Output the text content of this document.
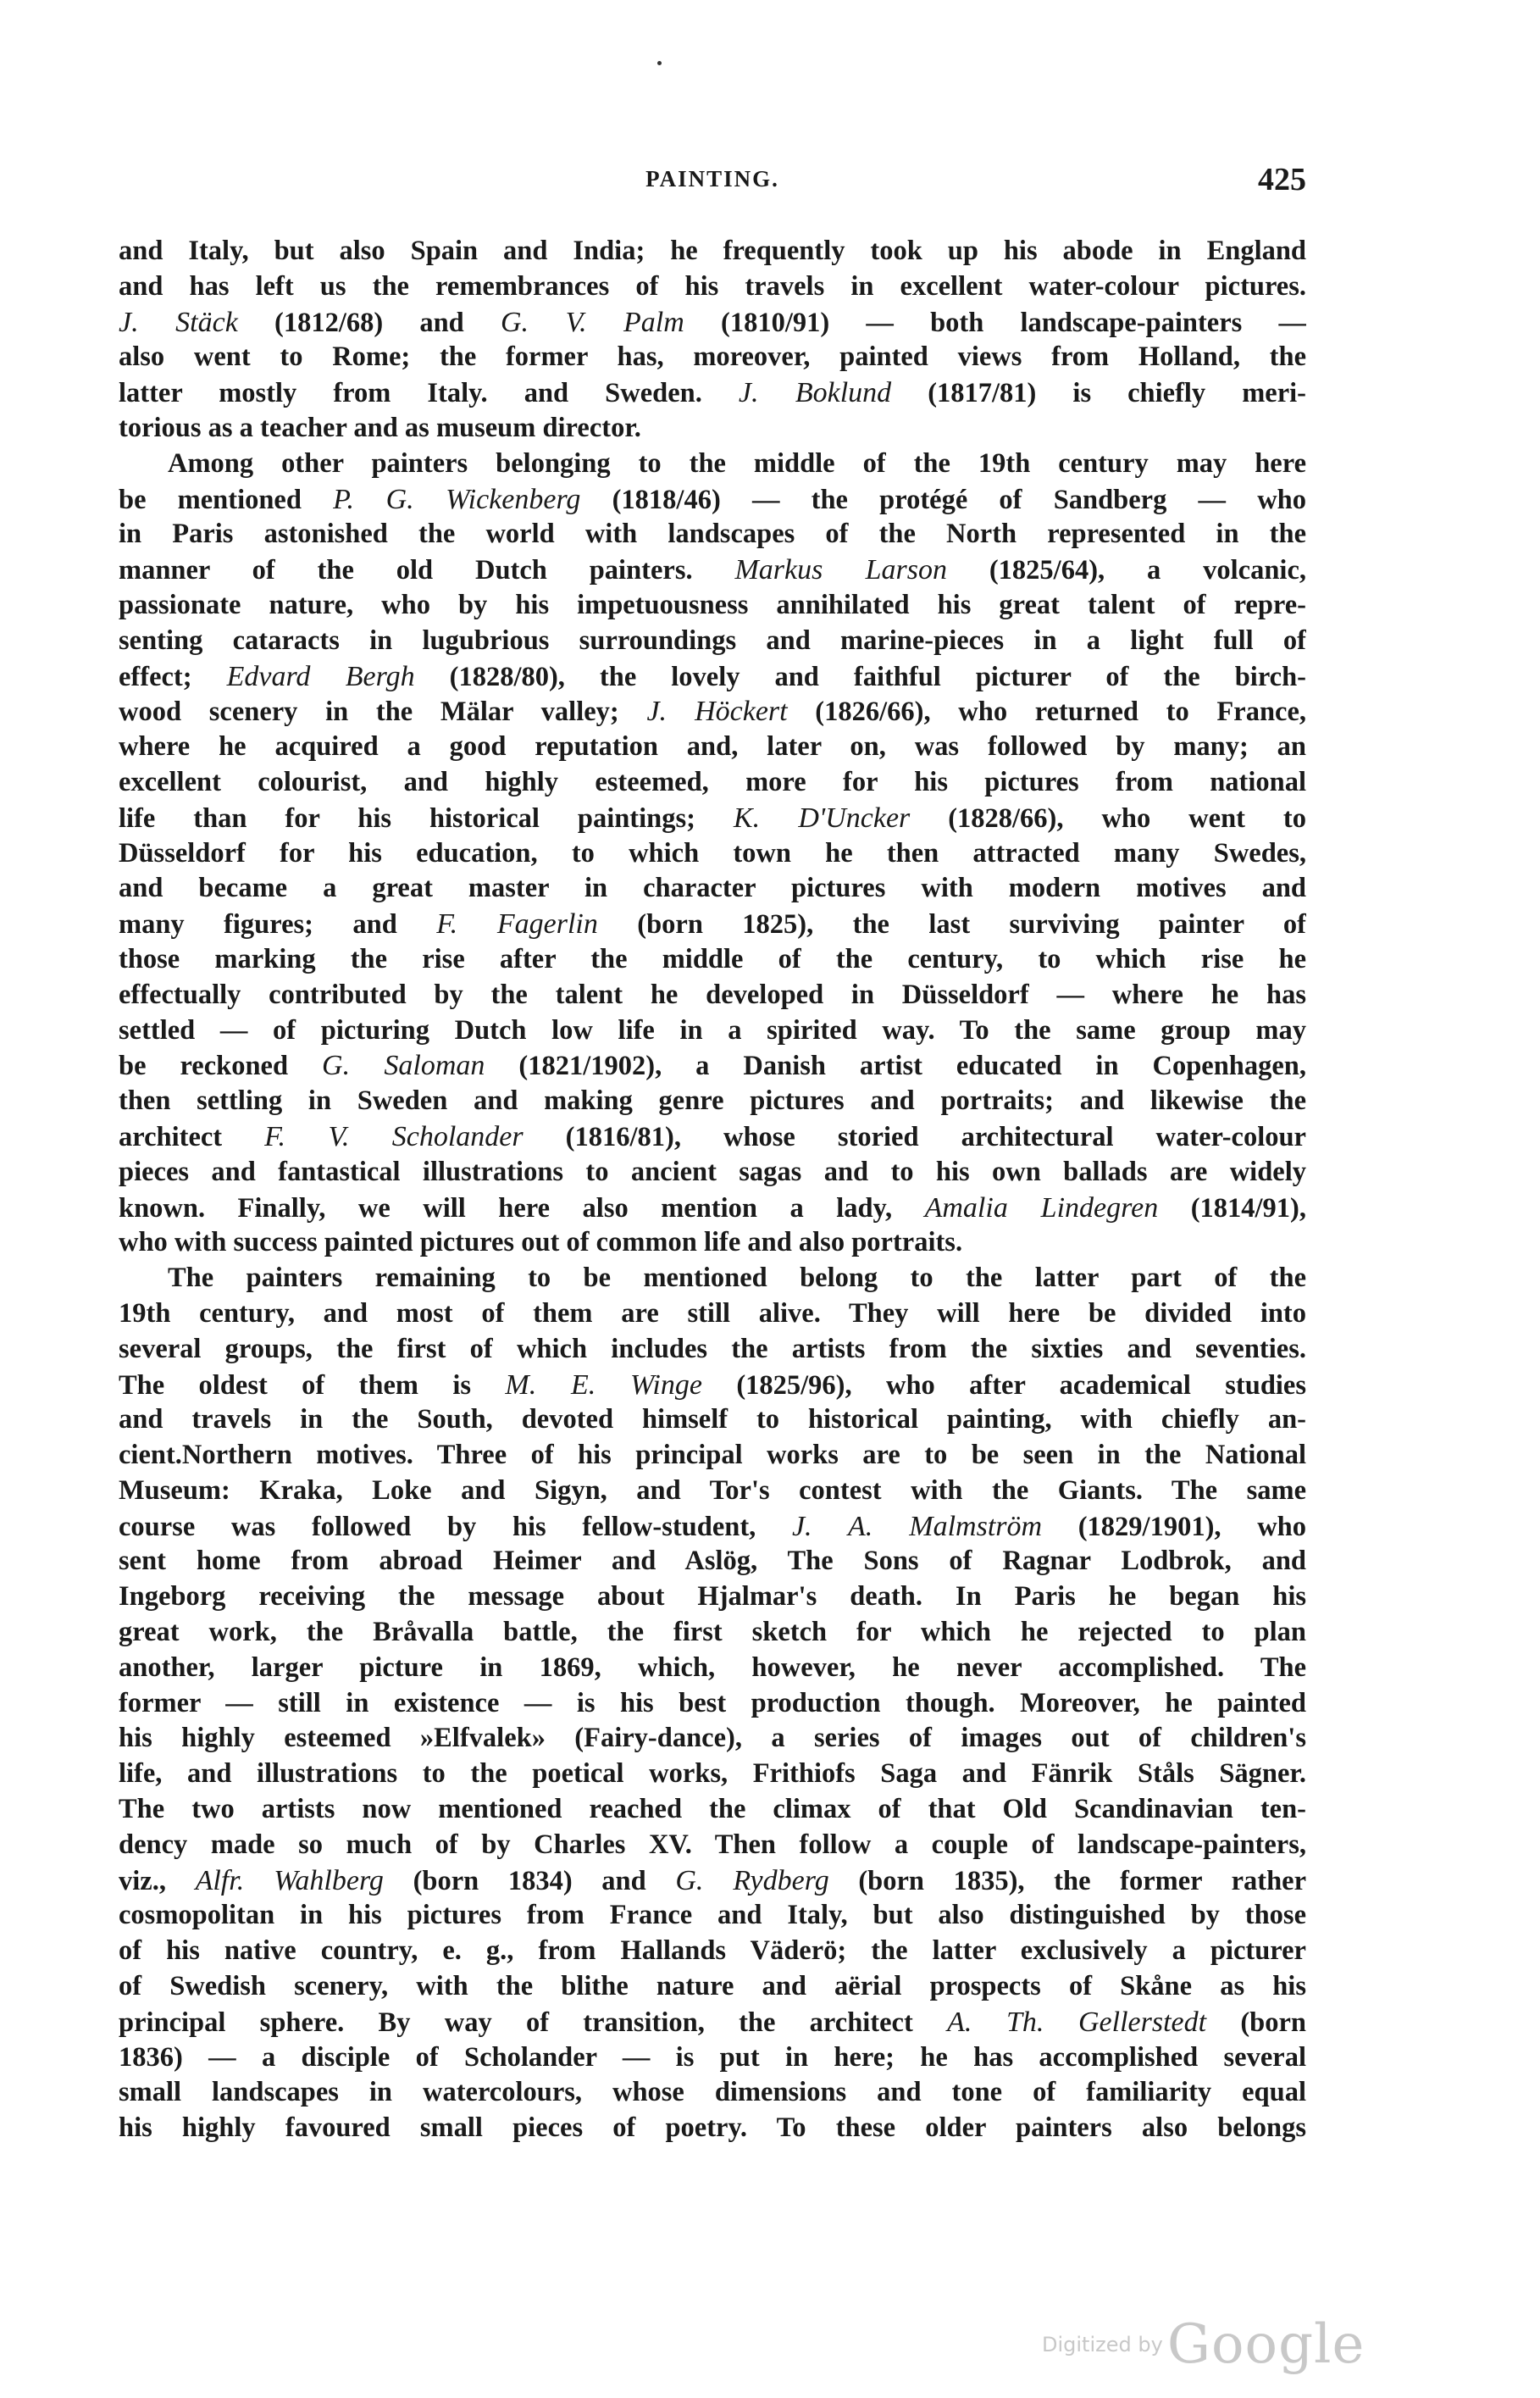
PAINTING.	425
and Italy, but also Spain and India; he frequently took up his abode in England
and has left us the remembrances of his travels in excellent water-colour pictures.
J. Stäck (1812/68) and G. V. Palm (1810/91) — both landscape-painters —
also went to Rome; the former has, moreover, painted views from Holland, the
latter mostly from Italy. and Sweden. J. Boklund (1817/81) is chiefly meri-
torious as a teacher and as museum director.
Among other painters belonging to the middle of the 19th century may here
be mentioned P. G. Wickenberg (1818/46) — the protégé of Sandberg — who
in Paris astonished the world with landscapes of the North represented in the
manner of the old Dutch painters. Markus Larson (1825/64), a volcanic,
passionate nature, who by his impetuousness annihilated his great talent of repre-
senting cataracts in lugubrious surroundings and marine-pieces in a light full of
effect; Edvard Bergh (1828/80), the lovely and faithful picturer of the birch-
wood scenery in the Mälar valley; J. Höckert (1826/66), who returned to France,
where he acquired a good reputation and, later on, was followed by many; an
excellent colourist, and highly esteemed, more for his pictures from national
life than for his historical paintings; K. D'Uncker (1828/66), who went to
Düsseldorf for his education, to which town he then attracted many Swedes,
and became a great master in character pictures with modern motives and
many figures; and F. Fagerlin (born 1825), the last surviving painter of
those marking the rise after the middle of the century, to which rise he
effectually contributed by the talent he developed in Düsseldorf — where he has
settled — of picturing Dutch low life in a spirited way. To the same group may
be reckoned G. Saloman (1821/1902), a Danish artist educated in Copenhagen,
then settling in Sweden and making genre pictures and portraits; and likewise the
architect F. V. Scholander (1816/81), whose storied architectural water-colour
pieces and fantastical illustrations to ancient sagas and to his own ballads are widely
known. Finally, we will here also mention a lady, Amalia Lindegren (1814/91),
who with success painted pictures out of common life and also portraits.
The painters remaining to be mentioned belong to the latter part of the
19th century, and most of them are still alive. They will here be divided into
several groups, the first of which includes the artists from the sixties and seventies.
The oldest of them is M. E. Winge (1825/96), who after academical studies
and travels in the South, devoted himself to historical painting, with chiefly an-
cient.Northern motives. Three of his principal works are to be seen in the National
Museum: Kraka, Loke and Sigyn, and Tor's contest with the Giants. The same
course was followed by his fellow-student, J. A. Malmström (1829/1901), who
sent home from abroad Heimer and Aslög, The Sons of Ragnar Lodbrok, and
Ingeborg receiving the message about Hjalmar's death. In Paris he began his
great work, the Bråvalla battle, the first sketch for which he rejected to plan
another, larger picture in 1869, which, however, he never accomplished. The
former — still in existence — is his best production though. Moreover, he painted
his highly esteemed »Elfvalek» (Fairy-dance), a series of images out of children's
life, and illustrations to the poetical works, Frithiofs Saga and Fänrik Ståls Sägner.
The two artists now mentioned reached the climax of that Old Scandinavian ten-
dency made so much of by Charles XV. Then follow a couple of landscape-painters,
viz., Alfr. Wahlberg (born 1834) and G. Rydberg (born 1835), the former rather
cosmopolitan in his pictures from France and Italy, but also distinguished by those
of his native country, e. g., from Hallands Väderö; the latter exclusively a picturer
of Swedish scenery, with the blithe nature and aërial prospects of Skåne as his
principal sphere. By way of transition, the architect A. Th. Gellerstedt (born
1836) — a disciple of Scholander — is put in here; he has accomplished several
small landscapes in watercolours, whose dimensions and tone of familiarity equal
his highly favoured small pieces of poetry. To these older painters also belongs
Digitized by Google
